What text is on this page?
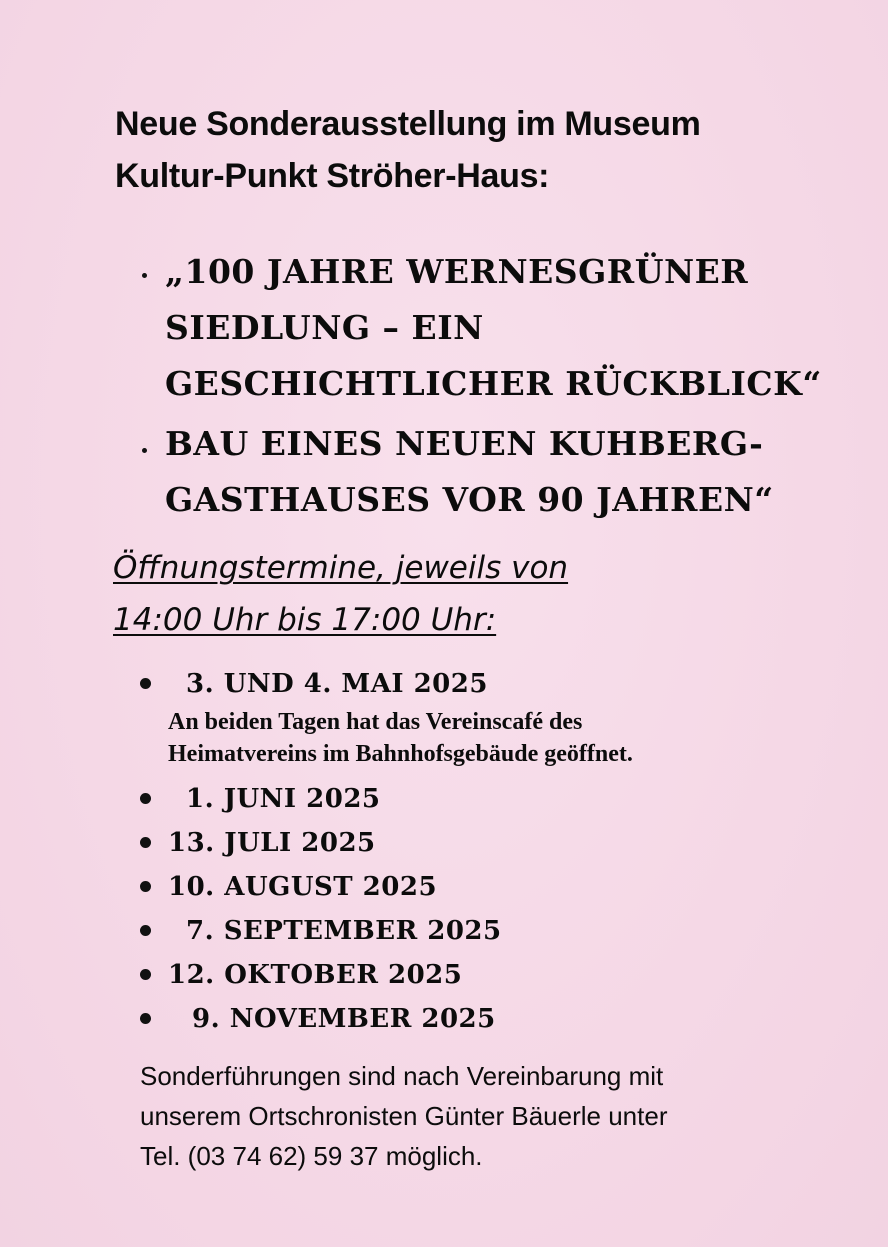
Neue Sonderausstellung im Museum
Kultur-Punkt Ströher-Haus:
„100 JAHRE WERNESGRÜNER
SIEDLUNG – EIN
GESCHICHTLICHER RÜCKBLICK“
BAU EINES NEUEN KUHBERG-
GASTHAUSES VOR 90 JAHREN“
Öffnungstermine, jeweils von
14:00 Uhr bis 17:00 Uhr:
3. UND 4. MAI 2025
An beiden Tagen hat das Vereinscafé des
Heimatvereins im Bahnhofsgebäude geöffnet.
1. JUNI 2025
13. JULI 2025
10. AUGUST 2025
7. SEPTEMBER 2025
12. OKTOBER 2025
9. NOVEMBER 2025
Sonderführungen sind nach Vereinbarung mit
unserem Ortschronisten Günter Bäuerle unter
Tel. (03 74 62) 59 37 möglich.
